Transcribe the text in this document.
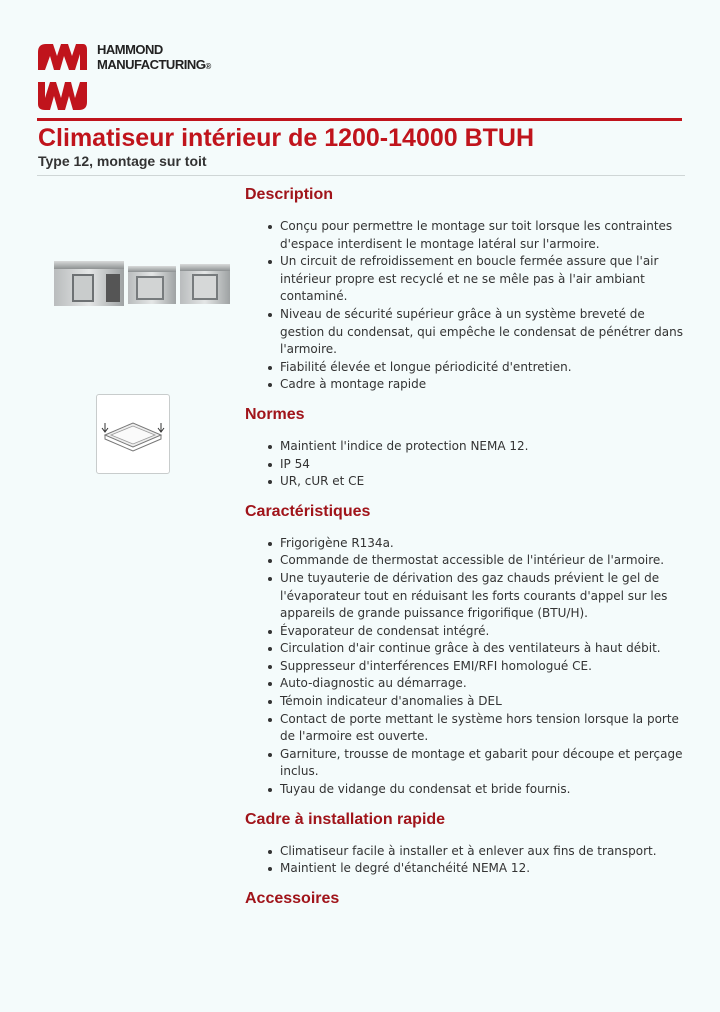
HAMMOND
MANUFACTURING®
Climatiseur intérieur de 1200-14000 BTUH
Type 12, montage sur toit
Description
Conçu pour permettre le montage sur toit lorsque les contraintes d'espace interdisent le montage latéral sur l'armoire.
Un circuit de refroidissement en boucle fermée assure que l'air intérieur propre est recyclé et ne se mêle pas à l'air ambiant contaminé.
Niveau de sécurité supérieur grâce à un système breveté de gestion du condensat, qui empêche le condensat de pénétrer dans l'armoire.
Fiabilité élevée et longue périodicité d'entretien.
Cadre à montage rapide
Normes
Maintient l'indice de protection NEMA 12.
IP 54
UR, cUR et CE
Caractéristiques
Frigorigène R134a.
Commande de thermostat accessible de l'intérieur de l'armoire.
Une tuyauterie de dérivation des gaz chauds prévient le gel de l'évaporateur tout en réduisant les forts courants d'appel sur les appareils de grande puissance frigorifique (BTU/H).
Évaporateur de condensat intégré.
Circulation d'air continue grâce à des ventilateurs à haut débit.
Suppresseur d'interférences EMI/RFI homologué CE.
Auto-diagnostic au démarrage.
Témoin indicateur d'anomalies à DEL
Contact de porte mettant le système hors tension lorsque la porte de l'armoire est ouverte.
Garniture, trousse de montage et gabarit pour découpe et perçage inclus.
Tuyau de vidange du condensat et bride fournis.
Cadre à installation rapide
Climatiseur facile à installer et à enlever aux fins de transport.
Maintient le degré d'étanchéité NEMA 12.
Accessoires
